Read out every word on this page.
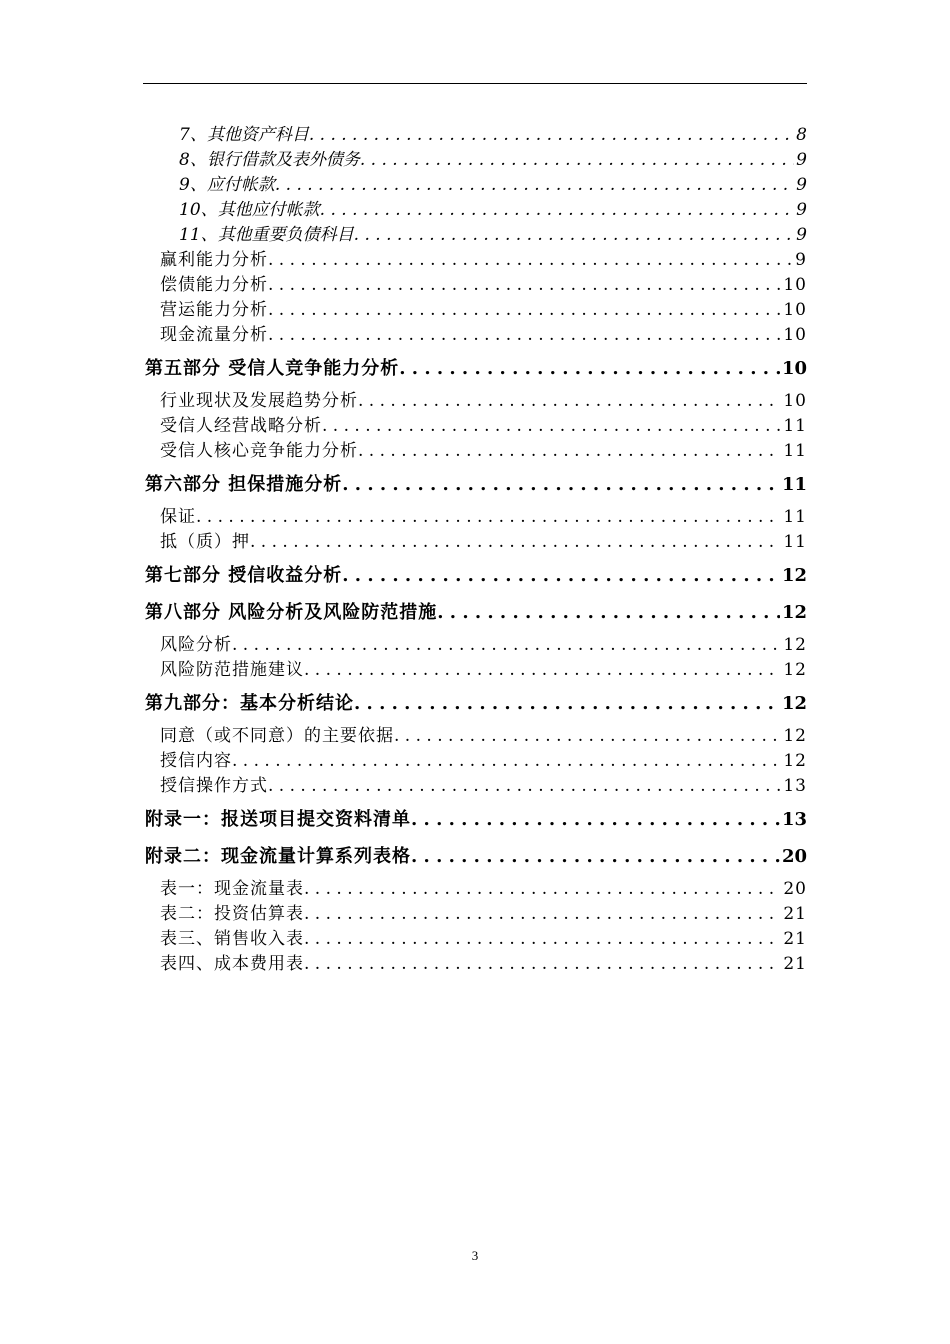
7、其他资产科目 . . .	8
8、银行借款及表外债务 . . .	9
9、应付帐款 . . .	9
10、其他应付帐款 . . .	9
11、其他重要负债科目 . . .	9
赢利能力分析 . . .	9
偿债能力分析 . . .	10
营运能力分析 . . .	10
现金流量分析 . . .	10
第五部分 受信人竞争能力分析 . . .	10
行业现状及发展趋势分析 . . .	10
受信人经营战略分析 . . .	11
受信人核心竞争能力分析 . . .	11
第六部分 担保措施分析 . . .	11
保证 . . .	11
抵（质）押 . . .	11
第七部分 授信收益分析 . . .	12
第八部分 风险分析及风险防范措施 . . .	12
风险分析 . . .	12
风险防范措施建议 . . .	12
第九部分：基本分析结论 . . .	12
同意（或不同意）的主要依据 . . .	12
授信内容 . . .	12
授信操作方式 . . .	13
附录一：报送项目提交资料清单 . . .	13
附录二：现金流量计算系列表格 . . .	20
表一：现金流量表 . . .	20
表二：投资估算表 . . .	21
表三、销售收入表 . . .	21
表四、成本费用表 . . .	21
3
